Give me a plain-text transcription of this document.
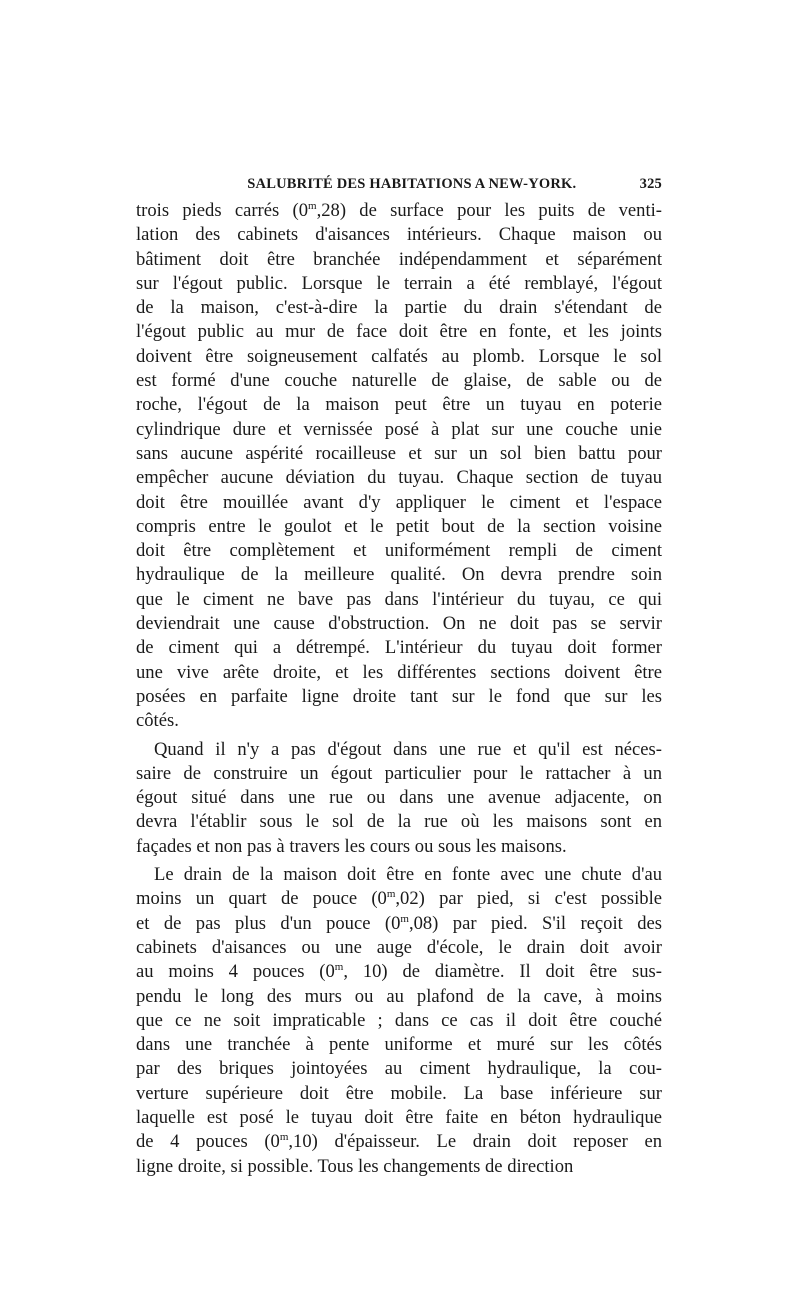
SALUBRITÉ DES HABITATIONS A NEW-YORK.	325

trois pieds carrés (0$^m$,28) de surface pour les puits de venti-
lation des cabinets d'aisances intérieurs. Chaque maison ou
bâtiment doit être branchée indépendamment et séparément
sur l'égout public. Lorsque le terrain a été remblayé, l'égout
de la maison, c'est-à-dire la partie du drain s'étendant de
l'égout public au mur de face doit être en fonte, et les joints
doivent être soigneusement calfatés au plomb. Lorsque le sol
est formé d'une couche naturelle de glaise, de sable ou de
roche, l'égout de la maison peut être un tuyau en poterie
cylindrique dure et vernissée posé à plat sur une couche unie
sans aucune aspérité rocailleuse et sur un sol bien battu pour
empêcher aucune déviation du tuyau. Chaque section de tuyau
doit être mouillée avant d'y appliquer le ciment et l'espace
compris entre le goulot et le petit bout de la section voisine
doit être complètement et uniformément rempli de ciment
hydraulique de la meilleure qualité. On devra prendre soin
que le ciment ne bave pas dans l'intérieur du tuyau, ce qui
deviendrait une cause d'obstruction. On ne doit pas se servir
de ciment qui a détrempé. L'intérieur du tuyau doit former
une vive arête droite, et les différentes sections doivent être
posées en parfaite ligne droite tant sur le fond que sur les
côtés.

Quand il n'y a pas d'égout dans une rue et qu'il est néces-
saire de construire un égout particulier pour le rattacher à un
égout situé dans une rue ou dans une avenue adjacente, on
devra l'établir sous le sol de la rue où les maisons sont en
façades et non pas à travers les cours ou sous les maisons.

Le drain de la maison doit être en fonte avec une chute d'au
moins un quart de pouce (0$^m$,02) par pied, si c'est possible
et de pas plus d'un pouce (0$^m$,08) par pied. S'il reçoit des
cabinets d'aisances ou une auge d'école, le drain doit avoir
au moins 4 pouces (0$^m$, 10) de diamètre. Il doit être sus-
pendu le long des murs ou au plafond de la cave, à moins
que ce ne soit impraticable ; dans ce cas il doit être couché
dans une tranchée à pente uniforme et muré sur les côtés
par des briques jointoyées au ciment hydraulique, la cou-
verture supérieure doit être mobile. La base inférieure sur
laquelle est posé le tuyau doit être faite en béton hydraulique
de 4 pouces (0$^m$,10) d'épaisseur. Le drain doit reposer en
ligne droite, si possible. Tous les changements de direction
